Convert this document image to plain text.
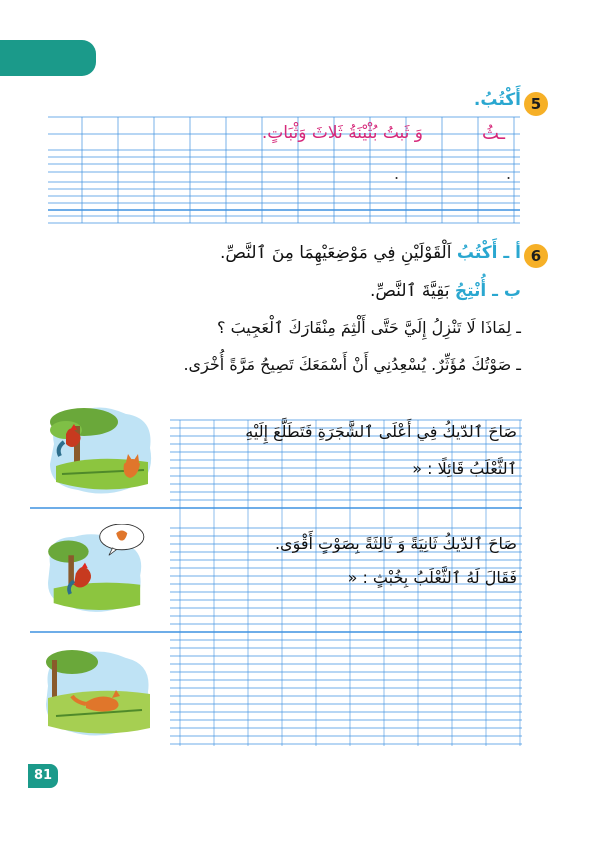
5
أَكْتُبُ.
ـثُ
وَ ثَبتُ بُثْيْنَةُ ثَلاثَ وَثْبَاتٍ.
.	.
6
أ ـ أَكْتُبُ اَلْقَوْلَيْنِ فِي مَوْضِعَيْهِمَا مِنَ ٱلنَّصِّ.
ب ـ أُنْتِجُ بَقِيَّةَ ٱلنَّصِّ.
ـ لِمَاذَا لَا تَنْزِلُ إِلَيَّ حَتَّى أَلْثِمَ مِنْقَارَكَ ٱلْعَجِيبَ ؟
ـ صَوْتُكَ مُؤَثِّرٌ. يُسْعِدُنِي أَنْ أَسْمَعَكَ تَصِيحُ مَرَّةً أُخْرَى.
صَاحَ ٱلدّيكُ فِي أَعْلَى ٱلشَّجَرَةِ فَتَطَلَّعَ إِلَيْهِ
ٱلثَّعْلَبُ قَائِلًا : «
صَاحَ ٱلدّيكُ ثَانِيَةً وَ ثَالِثَةً بِصَوْتٍ أَقْوَى.
فَقَالَ لَهُ ٱلثَّعْلَبُ بِخُبْثٍ : «
81
